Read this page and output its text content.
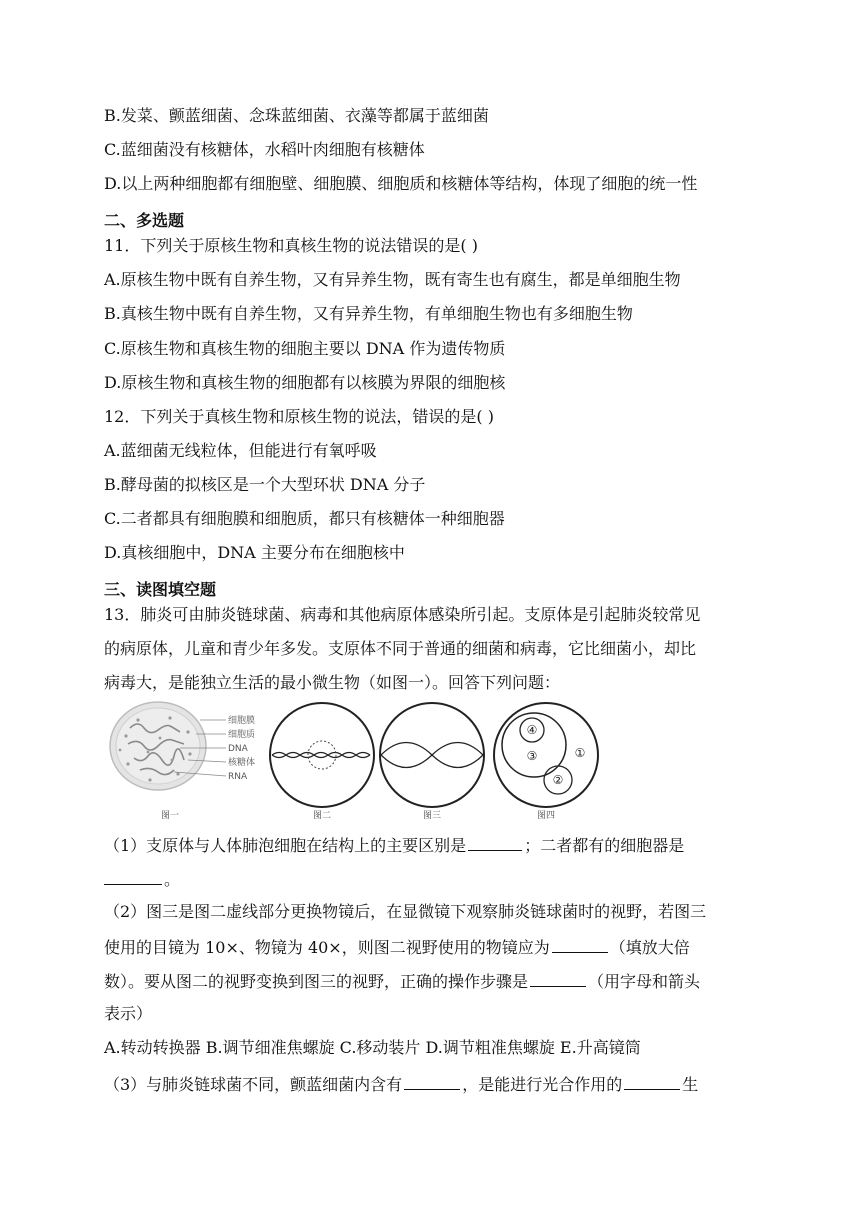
B.发菜、颤蓝细菌、念珠蓝细菌、衣藻等都属于蓝细菌
C.蓝细菌没有核糖体，水稻叶肉细胞有核糖体
D.以上两种细胞都有细胞壁、细胞膜、细胞质和核糖体等结构，体现了细胞的统一性
二、多选题
11．下列关于原核生物和真核生物的说法错误的是( )
A.原核生物中既有自养生物，又有异养生物，既有寄生也有腐生，都是单细胞生物
B.真核生物中既有自养生物，又有异养生物，有单细胞生物也有多细胞生物
C.原核生物和真核生物的细胞主要以 DNA 作为遗传物质
D.原核生物和真核生物的细胞都有以核膜为界限的细胞核
12．下列关于真核生物和原核生物的说法，错误的是( )
A.蓝细菌无线粒体，但能进行有氧呼吸
B.酵母菌的拟核区是一个大型环状 DNA 分子
C.二者都具有细胞膜和细胞质，都只有核糖体一种细胞器
D.真核细胞中，DNA 主要分布在细胞核中
三、读图填空题
13．肺炎可由肺炎链球菌、病毒和其他病原体感染所引起。支原体是引起肺炎较常见
的病原体，儿童和青少年多发。支原体不同于普通的细菌和病毒，它比细菌小，却比
病毒大，是能独立生活的最小微生物（如图一）。回答下列问题：
细胞膜
细胞质
DNA
核糖体
RNA
图一	图二	图三
①
②
③
④
图四
（1）支原体与人体肺泡细胞在结构上的主要区别是	；二者都有的细胞器是
。
（2）图三是图二虚线部分更换物镜后，在显微镜下观察肺炎链球菌时的视野，若图三
使用的目镜为 10×、物镜为 40×，则图二视野使用的物镜应为	（填放大倍
数）。要从图二的视野变换到图三的视野，正确的操作步骤是	（用字母和箭头
表示）
A.转动转换器 B.调节细准焦螺旋 C.移动装片 D.调节粗准焦螺旋 E.升高镜筒
（3）与肺炎链球菌不同，颤蓝细菌内含有	，是能进行光合作用的	生
